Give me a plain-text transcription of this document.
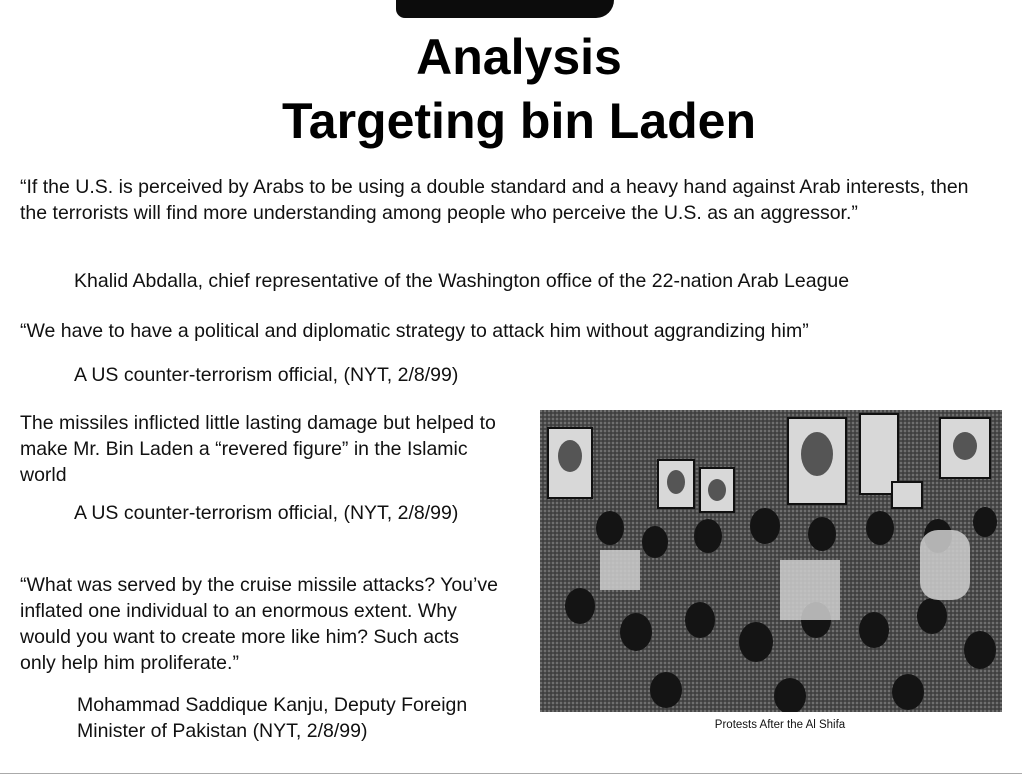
Analysis
Targeting bin Laden
“If the U.S. is perceived by Arabs to be using a double standard and a heavy hand against Arab interests, then the terrorists will find more understanding among people who perceive the U.S. as an aggressor.”
Khalid Abdalla, chief representative of the Washington office of the 22-nation Arab League
“We have to have a political and diplomatic strategy to attack him without aggrandizing him”
A US counter-terrorism official, (NYT, 2/8/99)
The missiles inflicted little lasting damage but helped to make Mr. Bin Laden a “revered figure” in the Islamic world
A US counter-terrorism official, (NYT, 2/8/99)
“What was served by the cruise missile attacks? You’ve inflated one individual to an enormous extent. Why would you want to create more like him? Such acts only help him proliferate.”
Mohammad Saddique Kanju, Deputy Foreign Minister of Pakistan (NYT, 2/8/99)	Protests After the Al Shifa
